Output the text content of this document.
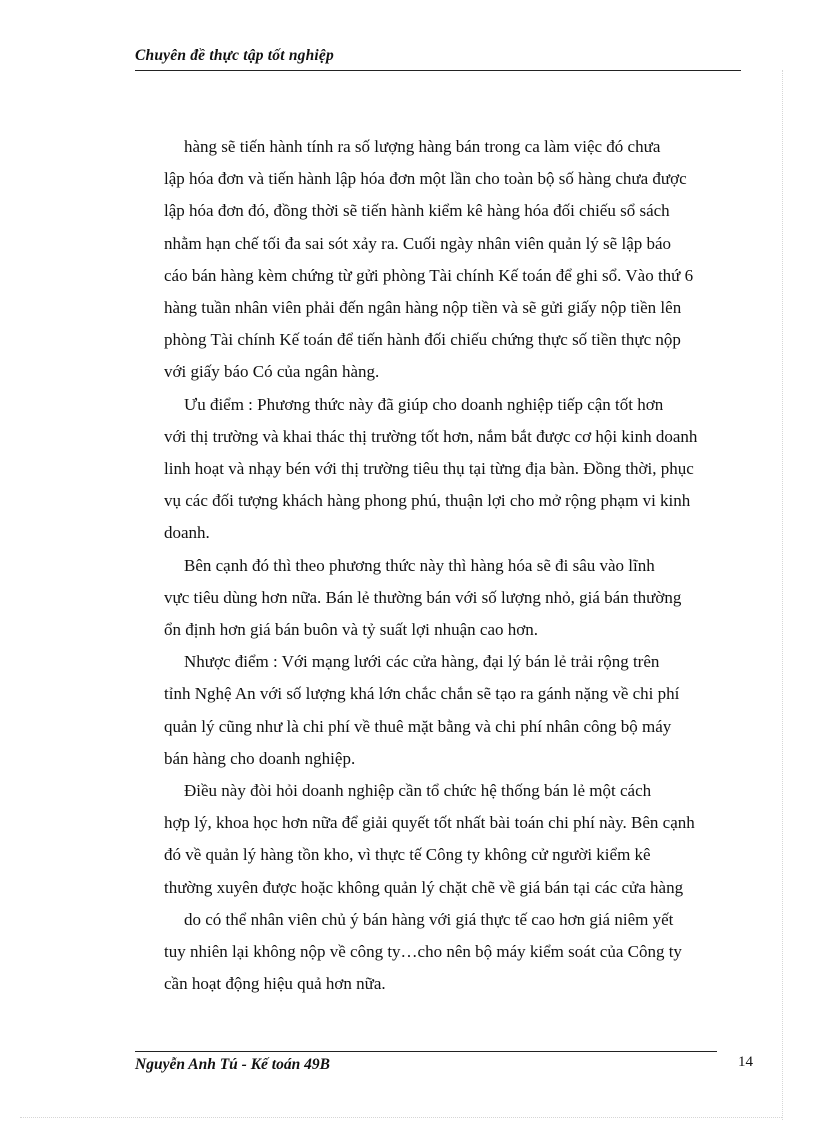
Chuyên đề thực tập tốt nghiệp

hàng sẽ tiến hành tính ra số lượng hàng bán trong ca làm việc đó chưa
lập hóa đơn và tiến hành lập hóa đơn một lần cho toàn bộ số hàng chưa được
lập hóa đơn đó, đồng thời sẽ tiến hành kiểm kê hàng hóa đối chiếu sổ sách
nhằm hạn chế tối đa sai sót xảy ra. Cuối ngày nhân viên quản lý sẽ lập báo
cáo bán hàng kèm chứng từ gửi phòng Tài chính Kế toán để ghi sổ. Vào thứ 6
hàng tuần nhân viên phải đến ngân hàng nộp tiền và sẽ gửi giấy nộp tiền lên
phòng Tài chính Kế toán để tiến hành đối chiếu chứng thực số tiền thực nộp
với giấy báo Có của ngân hàng.

Ưu điểm : Phương thức này đã giúp cho doanh nghiệp tiếp cận tốt hơn
với thị trường và khai thác thị trường tốt hơn, nắm bắt được cơ hội kinh doanh
linh hoạt và nhạy bén với thị trường tiêu thụ tại từng địa bàn. Đồng thời, phục
vụ các đối tượng khách hàng phong phú, thuận lợi cho mở rộng phạm vi kinh
doanh.

Bên cạnh đó thì theo phương thức này thì hàng hóa sẽ đi sâu vào lĩnh
vực tiêu dùng hơn nữa. Bán lẻ thường bán với số lượng nhỏ, giá bán thường
ổn định hơn giá bán buôn và tỷ suất lợi nhuận cao hơn.

Nhược điểm : Với mạng lưới các cửa hàng, đại lý bán lẻ trải rộng trên
tỉnh Nghệ An với số lượng khá lớn chắc chắn sẽ tạo ra gánh nặng về chi phí
quản lý cũng như là chi phí về thuê mặt bằng và chi phí nhân công bộ máy
bán hàng cho doanh nghiệp.

Điều này đòi hỏi doanh nghiệp cần tổ chức hệ thống bán lẻ một cách
hợp lý, khoa học hơn nữa để giải quyết tốt nhất bài toán chi phí này. Bên cạnh
đó về quản lý hàng tồn kho, vì thực tế Công ty không cử người kiểm kê
thường xuyên được hoặc không quản lý chặt chẽ về giá bán tại các cửa hàng

do có thể nhân viên chủ ý bán hàng với giá thực tế cao hơn giá niêm yết
tuy nhiên lại không nộp về công ty…cho nên bộ máy kiểm soát của Công ty
cần hoạt động hiệu quả hơn nữa.

Nguyễn Anh Tú - Kế toán 49B	14
